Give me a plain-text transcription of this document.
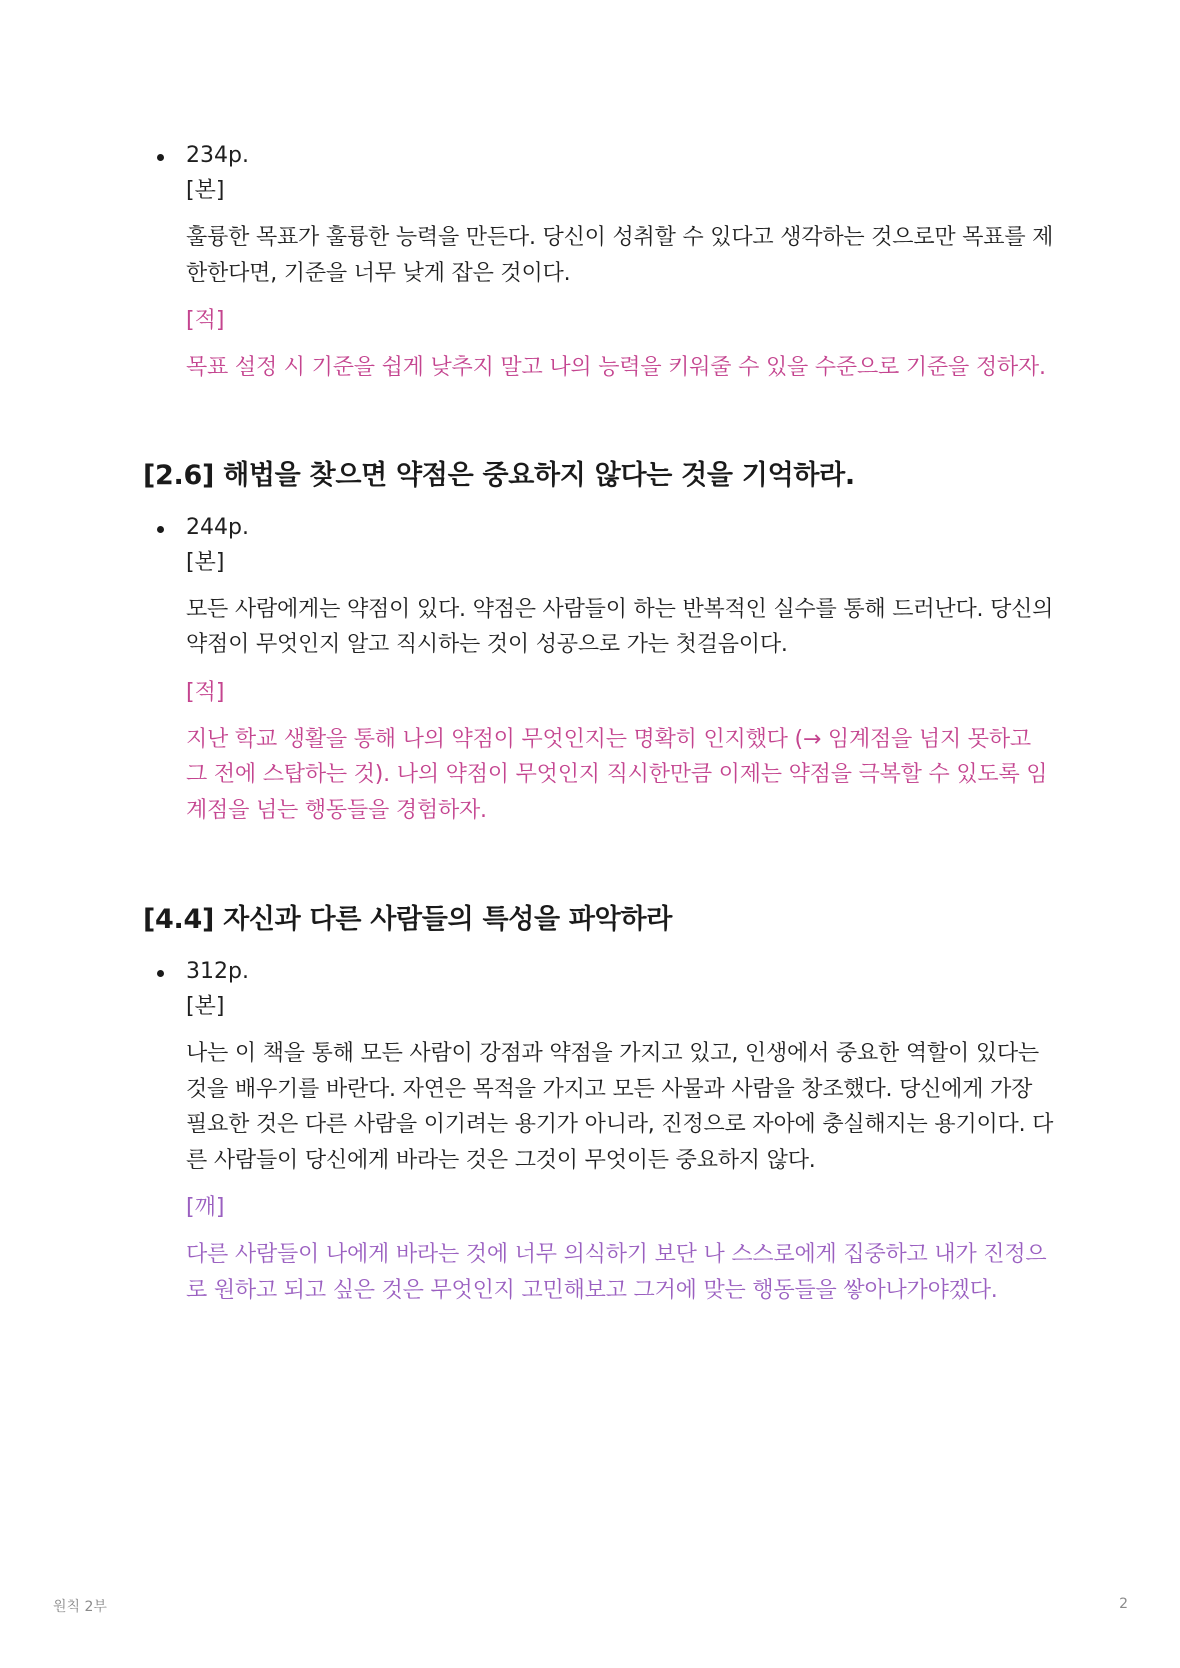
234p.
[본]

훌륭한 목표가 훌륭한 능력을 만든다. 당신이 성취할 수 있다고 생각하는 것으로만 목표를 제한한다면, 기준을 너무 낮게 잡은 것이다.

[적]

목표 설정 시 기준을 쉽게 낮추지 말고 나의 능력을 키워줄 수 있을 수준으로 기준을 정하자.

[2.6] 해법을 찾으면 약점은 중요하지 않다는 것을 기억하라.
244p.
[본]

모든 사람에게는 약점이 있다. 약점은 사람들이 하는 반복적인 실수를 통해 드러난다. 당신의 약점이 무엇인지 알고 직시하는 것이 성공으로 가는 첫걸음이다.

[적]

지난 학교 생활을 통해 나의 약점이 무엇인지는 명확히 인지했다 (→ 임계점을 넘지 못하고 그 전에 스탑하는 것). 나의 약점이 무엇인지 직시한만큼 이제는 약점을 극복할 수 있도록 임계점을 넘는 행동들을 경험하자.

[4.4] 자신과 다른 사람들의 특성을 파악하라
312p.
[본]

나는 이 책을 통해 모든 사람이 강점과 약점을 가지고 있고, 인생에서 중요한 역할이 있다는 것을 배우기를 바란다. 자연은 목적을 가지고 모든 사물과 사람을 창조했다. 당신에게 가장 필요한 것은 다른 사람을 이기려는 용기가 아니라, 진정으로 자아에 충실해지는 용기이다. 다른 사람들이 당신에게 바라는 것은 그것이 무엇이든 중요하지 않다.

[깨]

다른 사람들이 나에게 바라는 것에 너무 의식하기 보단 나 스스로에게 집중하고 내가 진정으로 원하고 되고 싶은 것은 무엇인지 고민해보고 그거에 맞는 행동들을 쌓아나가야겠다.

원칙 2부	2
